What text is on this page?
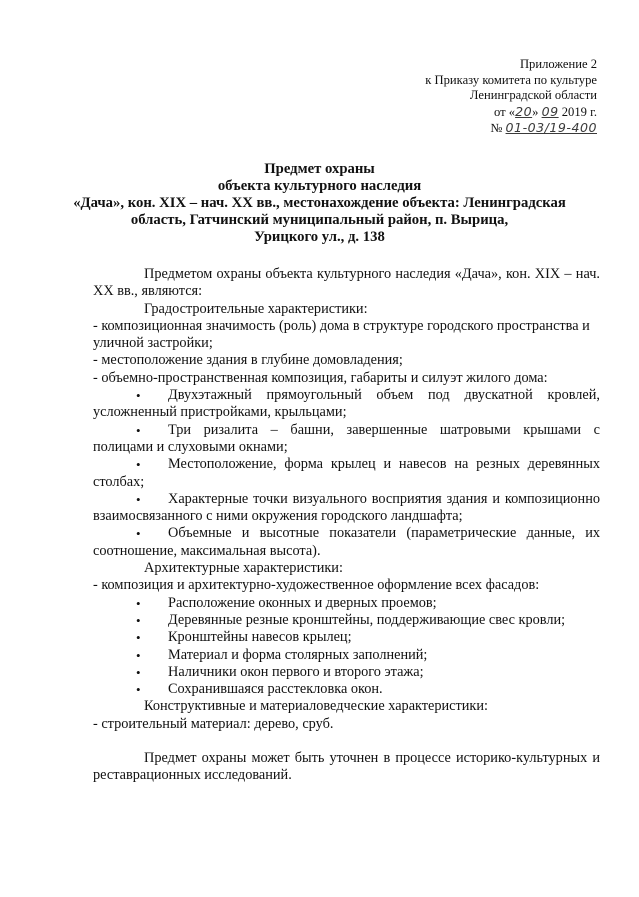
Приложение 2
к Приказу комитета по культуре
Ленинградской области
от «20» 09 2019 г.
№ 01-03/19-400
Предмет охраны
объекта культурного наследия
«Дача», кон. XIX – нач. XX вв., местонахождение объекта: Ленинградская
область, Гатчинский муниципальный район, п. Вырица,
Урицкого ул., д. 138

Предметом охраны объекта культурного наследия «Дача», кон. XIX – нач. XX вв., являются:

Градостроительные характеристики:

- композиционная значимость (роль) дома в структуре городского пространства и уличной застройки;

- местоположение здания в глубине домовладения;

- объемно-пространственная композиция, габариты и силуэт жилого дома:

• Двухэтажный прямоугольный объем под двускатной кровлей, усложненный пристройками, крыльцами;

• Три ризалита – башни, завершенные шатровыми крышами с полицами и слуховыми окнами;

• Местоположение, форма крылец и навесов на резных деревянных столбах;

• Характерные точки визуального восприятия здания и композиционно взаимосвязанного с ними окружения городского ландшафта;

• Объемные и высотные показатели (параметрические данные, их соотношение, максимальная высота).

Архитектурные характеристики:

- композиция и архитектурно-художественное оформление всех фасадов:

• Расположение оконных и дверных проемов;

• Деревянные резные кронштейны, поддерживающие свес кровли;

• Кронштейны навесов крылец;

• Материал и форма столярных заполнений;

• Наличники окон первого и второго этажа;

• Сохранившаяся расстекловка окон.

Конструктивные и материаловедческие характеристики:

- строительный материал: дерево, сруб.

Предмет охраны может быть уточнен в процессе историко-культурных и реставрационных исследований.
